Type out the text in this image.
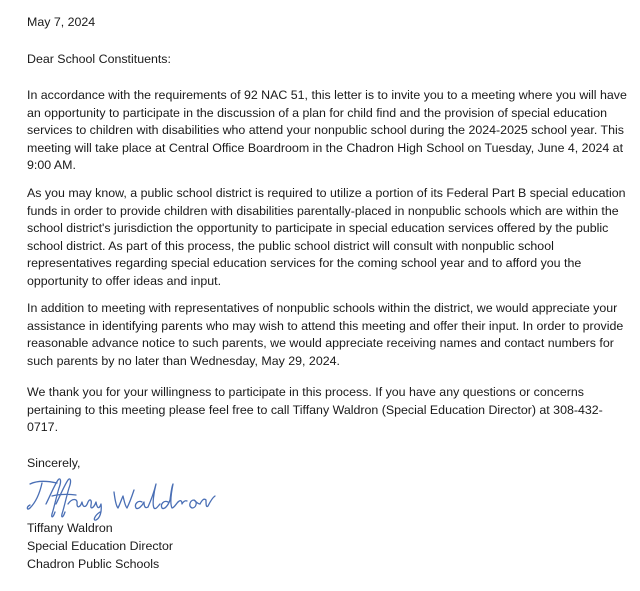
May 7, 2024
Dear School Constituents:

In accordance with the requirements of 92 NAC 51, this letter is to invite you to a meeting where you will have an opportunity to participate in the discussion of a plan for child find and the provision of special education services to children with disabilities who attend your nonpublic school during the 2024-2025 school year. This meeting will take place at Central Office Boardroom in the Chadron High School on Tuesday, June 4, 2024 at 9:00 AM.

As you may know, a public school district is required to utilize a portion of its Federal Part B special education funds in order to provide children with disabilities parentally-placed in nonpublic schools which are within the school district's jurisdiction the opportunity to participate in special education services offered by the public school district. As part of this process, the public school district will consult with nonpublic school representatives regarding special education services for the coming school year and to afford you the opportunity to offer ideas and input.

In addition to meeting with representatives of nonpublic schools within the district, we would appreciate your assistance in identifying parents who may wish to attend this meeting and offer their input. In order to provide reasonable advance notice to such parents, we would appreciate receiving names and contact numbers for such parents by no later than Wednesday, May 29, 2024.

We thank you for your willingness to participate in this process. If you have any questions or concerns pertaining to this meeting please feel free to call Tiffany Waldron (Special Education Director) at 308-432-0717.

Sincerely,
Tiffany Waldron
Special Education Director
Chadron Public Schools
